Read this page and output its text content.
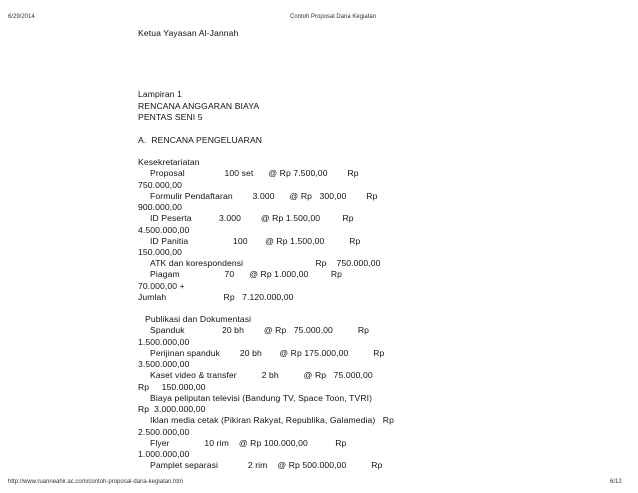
6/29/2014	Contoh Proposal Dana Kegiatan
Ketua Yayasan Al-Jannah
Lampiran 1
RENCANA ANGGARAN BIAYA
PENTAS SENI 5
A.  RENCANA PENGELUARAN
Kesekretariatan
Proposal                100 set      @ Rp 7.500,00        Rp
750.000,00
Formulir Pendaftaran        3.000      @ Rp   300,00        Rp
900.000,00
ID Peserta           3.000        @ Rp 1.500,00         Rp
4.500.000,00
ID Panitia                  100       @ Rp 1.500,00          Rp
150.000,00
ATK dan korespondensi                             Rp    750.000,00
Piagam                  70      @ Rp 1.000,00         Rp
70.000,00 +
Jumlah                       Rp   7.120.000,00
Publikasi dan Dokumentasi
Spanduk               20 bh        @ Rp   75.000,00          Rp
1.500.000,00
Perijinan spanduk        20 bh       @ Rp 175.000,00          Rp
3.500.000,00
Kaset video & transfer          2 bh          @ Rp   75.000,00
Rp     150.000,00
Biaya peliputan televisi (Bandung TV, Space Toon, TVRI)
Rp  3.000.000,00
Iklan media cetak (Pikiran Rakyat, Republika, Galamedia)   Rp
2.500.000,00
Flyer              10 rim    @ Rp 100.000,00           Rp
1.000.000,00
Pamplet separasi            2 rim    @ Rp 500.000,00          Rp
http://www.ruanneahir.ac.com/contoh-proposal-dana-kegiatan.htm	6/12
